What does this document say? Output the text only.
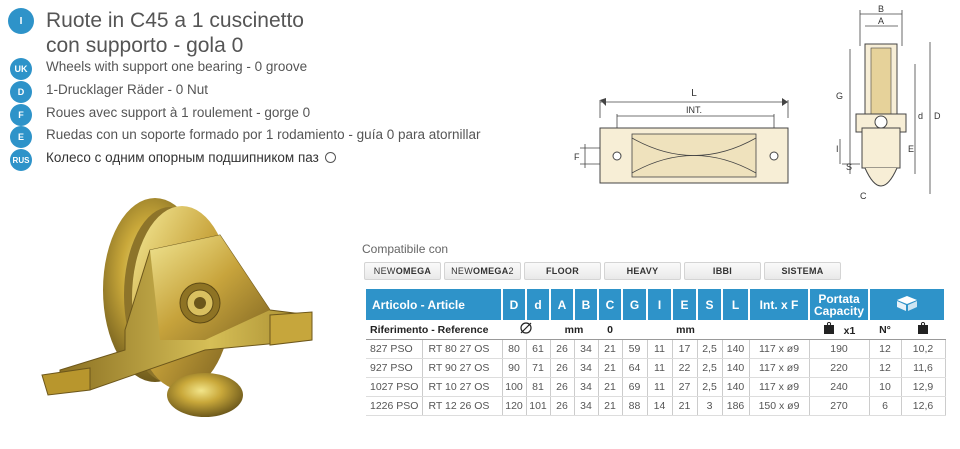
I	Ruote in C45 a 1 cuscinetto
con supporto - gola 0
UK	Wheels with support one bearing - 0 groove
D	1-Drucklager Räder - 0 Nut
F	Roues avec support à 1 roulement - gorge 0
E	Ruedas con un soporte formado por 1 rodamiento - guía 0 para atornillar
RUS Колесо с одним опорным подшипником паз
L
INT.
F
B
A
G
I
S
C
E
d D
Compatibile con
NEW OMEGA NEW OMEGA 2	FLOOR	HEAVY	IBBI	SISTEMA
Articolo - Article		D	d	A	B	C	G	I	E	S	L	Int. x F	Portata
Capacity

Riferimento - Reference				mm		0	mm						x1	N°	
827 PSO	RT 80 27 OS	80	61	26	34	21	59	11	17	2,5	140	117 x ø9	190	12	10,2
927 PSO	RT 90 27 OS	90	71	26	34	21	64	11	22	2,5	140	117 x ø9	220	12	11,6
1027 PSO	RT 10 27 OS	100	81	26	34	21	69	11	27	2,5	140	117 x ø9	240	10	12,9
1226 PSO	RT 12 26 OS	120	101	26	34	21	88	14	21	3	186	150 x ø9	270	6	12,6
